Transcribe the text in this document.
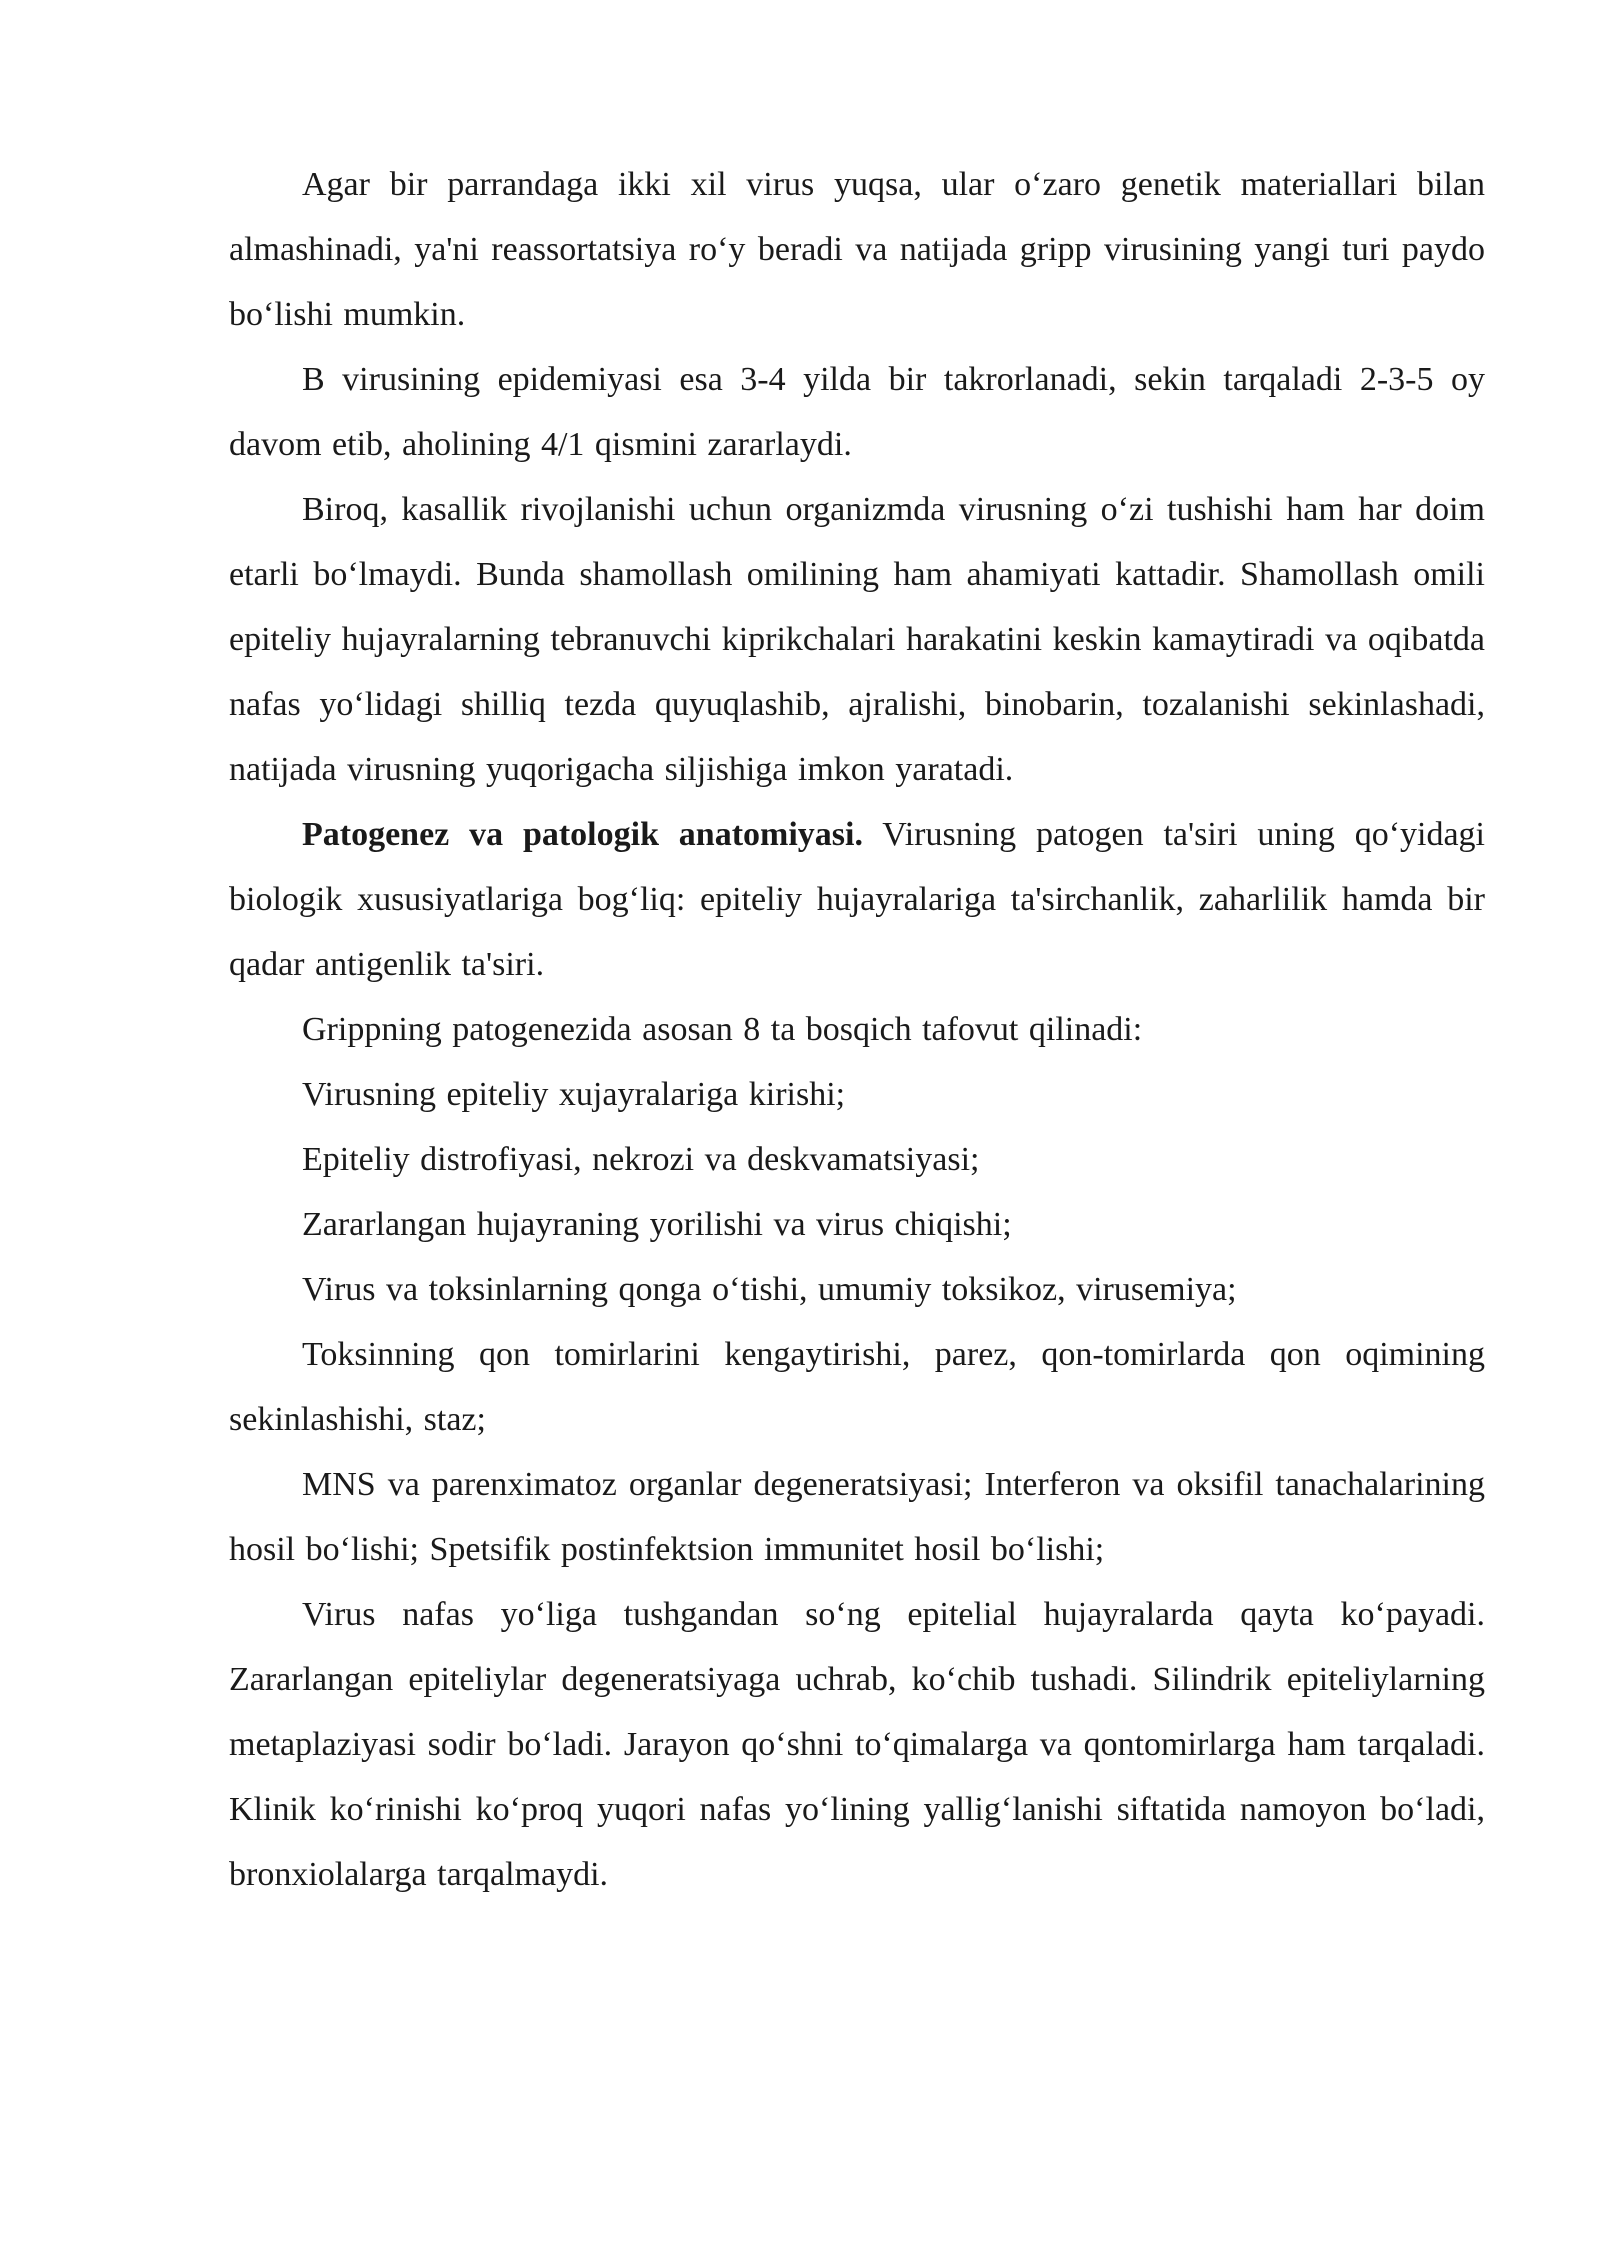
Agar bir parrandaga ikki xil virus yuqsa, ular o‘zaro genetik materiallari bilan almashinadi, ya'ni reassortatsiya ro‘y beradi va natijada gripp virusining yangi turi paydo bo‘lishi mumkin.

B virusining epidemiyasi esa 3-4 yilda bir takrorlanadi, sekin tarqaladi 2-3-5 oy davom etib, aholining 4/1 qismini zararlaydi.

Biroq, kasallik rivojlanishi uchun organizmda virusning o‘zi tushishi ham har doim etarli bo‘lmaydi. Bunda shamollash omilining ham ahamiyati kattadir. Shamollash omili epiteliy hujayralarning tebranuvchi kiprikchalari harakatini keskin kamaytiradi va oqibatda nafas yo‘lidagi shilliq tezda quyuqlashib, ajralishi, binobarin, tozalanishi sekinlashadi, natijada virusning yuqorigacha siljishiga imkon yaratadi.

Patogenez va patologik anatomiyasi. Virusning patogen ta'siri uning qo‘yidagi biologik xususiyatlariga bog‘liq: epiteliy hujayralariga ta'sirchanlik, zaharlilik hamda bir qadar antigenlik ta'siri.

Grippning patogenezida asosan 8 ta bosqich tafovut qilinadi:

Virusning epiteliy xujayralariga kirishi;

Epiteliy distrofiyasi, nekrozi va deskvamatsiyasi;

Zararlangan hujayraning yorilishi va virus chiqishi;

Virus va toksinlarning qonga o‘tishi, umumiy toksikoz, virusemiya;

Toksinning qon tomirlarini kengaytirishi, parez, qon-tomirlarda qon oqimining sekinlashishi, staz;

MNS va parenximatoz organlar degeneratsiyasi; Interferon va oksifil tanachalarining hosil bo‘lishi; Spetsifik postinfektsion immunitet hosil bo‘lishi;

Virus nafas yo‘liga tushgandan so‘ng epitelial hujayralarda qayta ko‘payadi. Zararlangan epiteliylar degeneratsiyaga uchrab, ko‘chib tushadi. Silindrik epiteliylarning metaplaziyasi sodir bo‘ladi. Jarayon qo‘shni to‘qimalarga va qontomirlarga ham tarqaladi. Klinik ko‘rinishi ko‘proq yuqori nafas yo‘lining yallig‘lanishi siftatida namoyon bo‘ladi, bronxiolalarga tarqalmaydi.
